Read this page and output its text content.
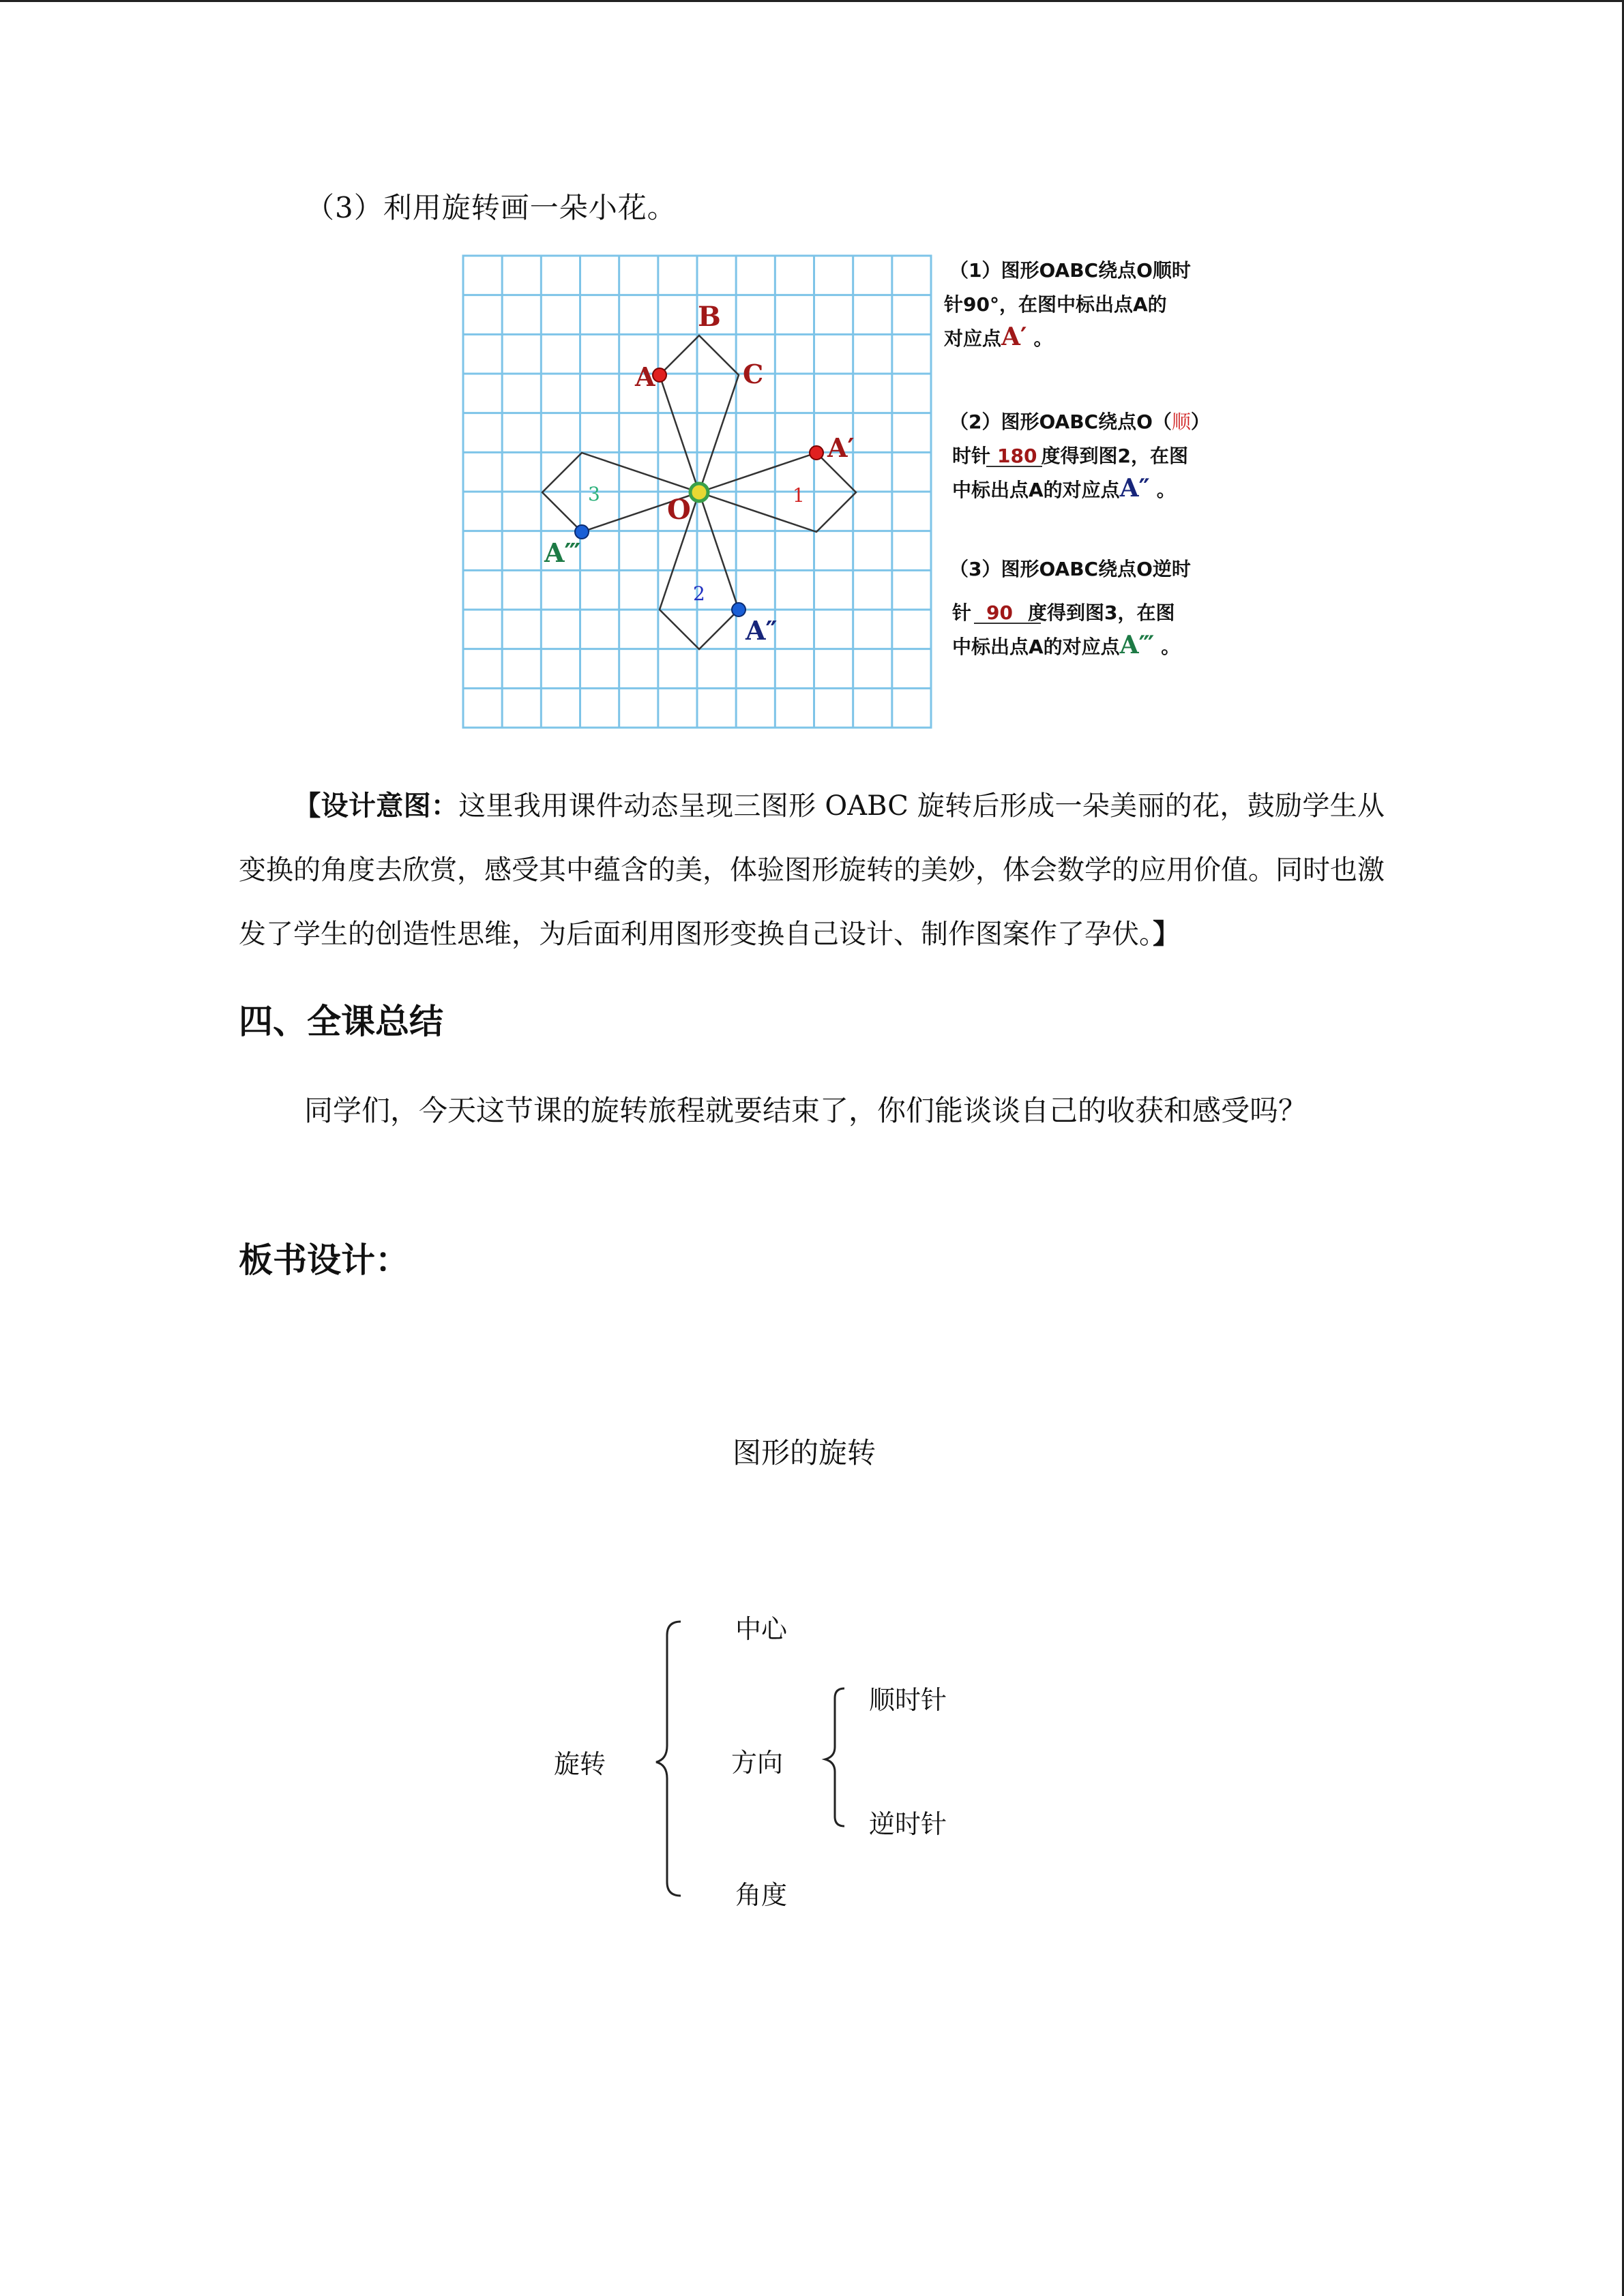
（3）利用旋转画一朵小花。
B
A	C
O
A′
A″
A‴
1
2
3
（1）图形OABC绕点O顺时
针90°，在图中标出点A的
对应点A′ 。
（2）图形OABC绕点O（顺）
时针 180 度得到图2，在图
中标出点A的对应点A″ 。
（3）图形OABC绕点O逆时
针 90 度得到图3，在图
中标出点A的对应点A‴ 。
【设计意图：这里我用课件动态呈现三图形 OABC 旋转后形成一朵美丽的花，鼓励学生从变换的角度去欣赏，感受其中蕴含的美，体验图形旋转的美妙，体会数学的应用价值。同时也激发了学生的创造性思维，为后面利用图形变换自己设计、制作图案作了孕伏。】
四、全课总结
同学们，今天这节课的旋转旅程就要结束了，你们能谈谈自己的收获和感受吗？
板书设计：
图形的旋转
旋转
中心
方向
角度
顺时针
逆时针
